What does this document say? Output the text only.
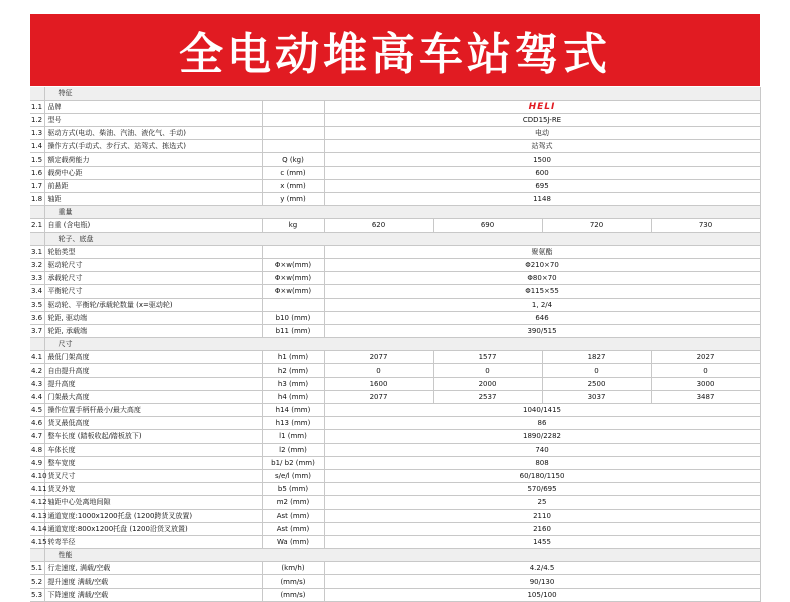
全电动堆高车站驾式
	特征					
1.1	品牌		HELI			
1.2	型号		CDD15J-RE			
1.3	驱动方式(电动、柴油、汽油、液化气、手动)		电动			
1.4	操作方式(手动式、步行式、站驾式、拣选式)		站驾式			
1.5	额定载荷能力	Q (kg)	1500			
1.6	载荷中心距	c (mm)	600			
1.7	前悬距	x (mm)	695			
1.8	轴距	y (mm)	1148			
	重量					
2.1	自重 (含电瓶)	kg	620	690	720	730
	轮子、底盘					
3.1	轮胎类型		聚氨酯			
3.2	驱动轮尺寸	Φ×w(mm)	Φ210×70			
3.3	承载轮尺寸	Φ×w(mm)	Φ80×70			
3.4	平衡轮尺寸	Φ×w(mm)	Φ115×55			
3.5	驱动轮、平衡轮/承载轮数量 (x=驱动轮)		1, 2/4			
3.6	轮距, 驱动端	b10 (mm)	646			
3.7	轮距, 承载端	b11 (mm)	390/515			
	尺寸					
4.1	最低门架高度	h1 (mm)	2077	1577	1827	2027
4.2	自由提升高度	h2 (mm)	0	0	0	0
4.3	提升高度	h3 (mm)	1600	2000	2500	3000
4.4	门架最大高度	h4 (mm)	2077	2537	3037	3487
4.5	操作位置手柄杆最小/最大高度	h14 (mm)	1040/1415			
4.6	货叉最低高度	h13 (mm)	86			
4.7	整车长度 (踏板收起/踏板放下)	l1 (mm)	1890/2282			
4.8	车体长度	l2 (mm)	740			
4.9	整车宽度	b1/ b2 (mm)	808			
4.10	货叉尺寸	s/e/l (mm)	60/180/1150			
4.11	货叉外宽	b5 (mm)	570/695			
4.12	轴距中心处离地间隙	m2 (mm)	25			
4.13	通道宽度:1000x1200托盘 (1200跨货叉放置)	Ast (mm)	2110			
4.14	通道宽度:800x1200托盘 (1200沿货叉放置)	Ast (mm)	2160			
4.15	转弯半径	Wa (mm)	1455			
	性能					
5.1	行走速度, 满载/空载	(km/h)	4.2/4.5			
5.2	提升速度 满载/空载	(mm/s)	90/130			
5.3	下降速度 满载/空载	(mm/s)	105/100			
